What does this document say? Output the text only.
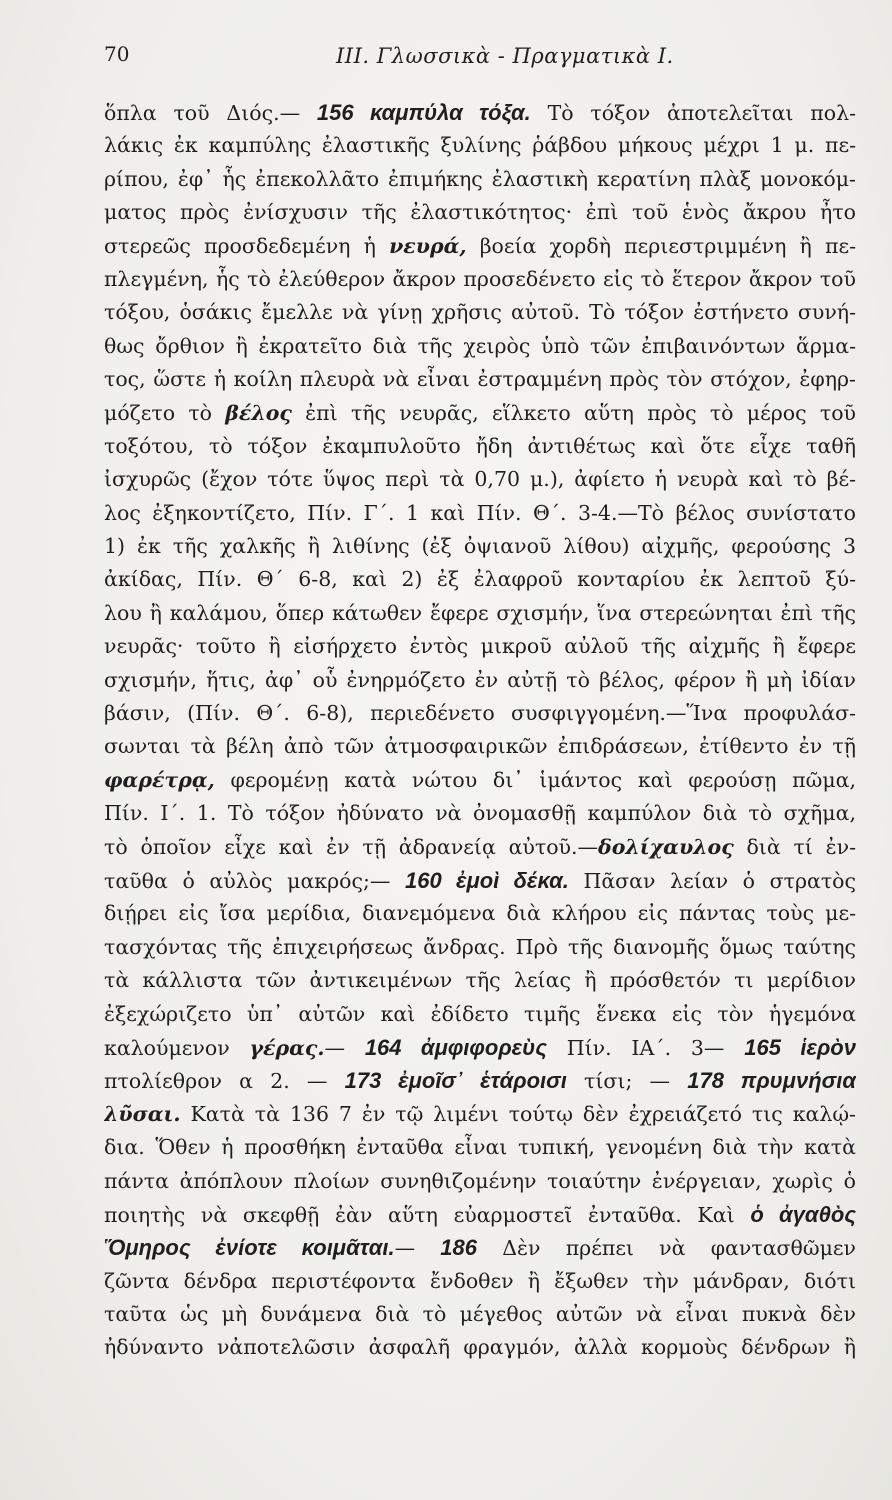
70	III. Γλωσσικὰ - Πραγματικὰ Ι.
ὅπλα τοῦ Διός.— 156 καμπύλα τόξα. Τὸ τόξον ἀποτελεῖται πολ-
λάκις ἐκ καμπύλης ἐλαστικῆς ξυλίνης ῥάβδου μήκους μέχρι 1 μ. πε-
ρίπου, ἐφ᾽ ἧς ἐπεκολλᾶτο ἐπιμήκης ἐλαστικὴ κερατίνη πλὰξ μονοκόμ-
ματος πρὸς ἐνίσχυσιν τῆς ἐλαστικότητος· ἐπὶ τοῦ ἑνὸς ἄκρου ἦτο
στερεῶς προσδεδεμένη ἡ νευρά, βοεία χορδὴ περιεστριμμένη ἢ πε-
πλεγμένη, ἧς τὸ ἐλεύθερον ἄκρον προσεδένετο εἰς τὸ ἕτερον ἄκρον τοῦ
τόξου, ὁσάκις ἔμελλε νὰ γίνῃ χρῆσις αὐτοῦ. Τὸ τόξον ἐστήνετο συνή-
θως ὄρθιον ἢ ἐκρατεῖτο διὰ τῆς χειρὸς ὑπὸ τῶν ἐπιβαινόντων ἅρμα-
τος, ὥστε ἡ κοίλη πλευρὰ νὰ εἶναι ἐστραμμένη πρὸς τὸν στόχον, ἐφηρ-
μόζετο τὸ βέλος ἐπὶ τῆς νευρᾶς, εἵλκετο αὕτη πρὸς τὸ μέρος τοῦ
τοξότου, τὸ τόξον ἐκαμπυλοῦτο ἤδη ἀντιθέτως καὶ ὅτε εἶχε ταθῆ
ἰσχυρῶς (ἔχον τότε ὕψος περὶ τὰ 0,70 μ.), ἀφίετο ἡ νευρὰ καὶ τὸ βέ-
λος ἐξηκοντίζετο, Πίν. Γ΄. 1 καὶ Πίν. Θ΄. 3-4.—Τὸ βέλος συνίστατο
1) ἐκ τῆς χαλκῆς ἢ λιθίνης (ἐξ ὀψιανοῦ λίθου) αἰχμῆς, φερούσης 3
ἀκίδας, Πίν. Θ΄ 6-8, καὶ 2) ἐξ ἐλαφροῦ κονταρίου ἐκ λεπτοῦ ξύ-
λου ἢ καλάμου, ὅπερ κάτωθεν ἔφερε σχισμήν, ἵνα στερεώνηται ἐπὶ τῆς
νευρᾶς· τοῦτο ἢ εἰσήρχετο ἐντὸς μικροῦ αὐλοῦ τῆς αἰχμῆς ἢ ἔφερε
σχισμήν, ἥτις, ἀφ᾽ οὗ ἐνηρμόζετο ἐν αὐτῇ τὸ βέλος, φέρον ἢ μὴ ἰδίαν
βάσιν, (Πίν. Θ΄. 6-8), περιεδένετο συσφιγγομένη.—Ἵνα προφυλάσ-
σωνται τὰ βέλη ἀπὸ τῶν ἀτμοσφαιρικῶν ἐπιδράσεων, ἐτίθεντο ἐν τῇ
φαρέτρᾳ, φερομένῃ κατὰ νώτου δι᾽ ἱμάντος καὶ φερούσῃ πῶμα,
Πίν. Ι΄. 1. Τὸ τόξον ἠδύνατο νὰ ὀνομασθῇ καμπύλον διὰ τὸ σχῆμα,
τὸ ὁποῖον εἶχε καὶ ἐν τῇ ἀδρανείᾳ αὐτοῦ.—δολίχαυλος διὰ τί ἐν-
ταῦθα ὁ αὐλὸς μακρός;— 160 ἐμοὶ δέκα. Πᾶσαν λείαν ὁ στρατὸς
διῄρει εἰς ἴσα μερίδια, διανεμόμενα διὰ κλήρου εἰς πάντας τοὺς με-
τασχόντας τῆς ἐπιχειρήσεως ἄνδρας. Πρὸ τῆς διανομῆς ὅμως ταύτης
τὰ κάλλιστα τῶν ἀντικειμένων τῆς λείας ἢ πρόσθετόν τι μερίδιον
ἐξεχώριζετο ὑπ᾽ αὐτῶν καὶ ἐδίδετο τιμῆς ἕνεκα εἰς τὸν ἡγεμόνα
καλούμενον γέρας.— 164 ἀμφιφορεὺς Πίν. ΙΑ΄. 3— 165 ἱερὸν
πτολίεθρον α 2. — 173 ἐμοῖσ᾽ ἑτάροισι τίσι; — 178 πρυμνήσια
λῦσαι. Κατὰ τὰ 136 7 ἐν τῷ λιμένι τούτῳ δὲν ἐχρειάζετό τις καλῴ-
δια. Ὅθεν ἡ προσθήκη ἐνταῦθα εἶναι τυπική, γενομένη διὰ τὴν κατὰ
πάντα ἀπόπλουν πλοίων συνηθιζομένην τοιαύτην ἐνέργειαν, χωρὶς ὁ
ποιητὴς νὰ σκεφθῇ ἐὰν αὕτη εὐαρμοστεῖ ἐνταῦθα. Καὶ ὁ ἀγαθὸς
Ὅμηρος ἐνίοτε κοιμᾶται.— 186 Δὲν πρέπει νὰ φαντασθῶμεν
ζῶντα δένδρα περιστέφοντα ἔνδοθεν ἢ ἔξωθεν τὴν μάνδραν, διότι
ταῦτα ὡς μὴ δυνάμενα διὰ τὸ μέγεθος αὐτῶν νὰ εἶναι πυκνὰ δὲν
ἠδύναντο νἀποτελῶσιν ἀσφαλῆ φραγμόν, ἀλλὰ κορμοὺς δένδρων ἢ
